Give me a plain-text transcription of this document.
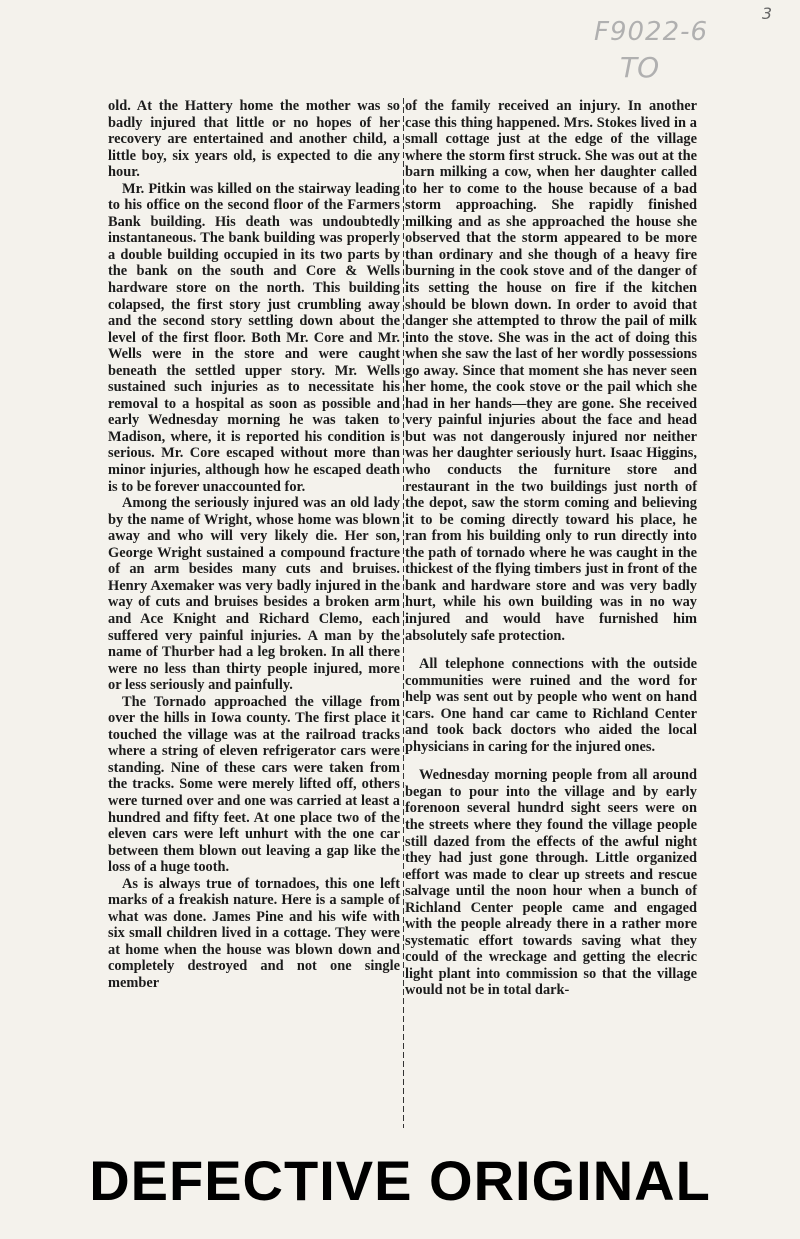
3
F9022-6
TO

old. At the Hattery home the mother was so badly injured that little or no hopes of her recovery are entertained and another child, a little boy, six years old, is expected to die any hour.

Mr. Pitkin was killed on the stairway leading to his office on the second floor of the Farmers Bank building. His death was undoubtedly instantaneous. The bank building was properly a double building occupied in its two parts by the bank on the south and Core & Wells hardware store on the north. This building colapsed, the first story just crumbling away and the second story settling down about the level of the first floor. Both Mr. Core and Mr. Wells were in the store and were caught beneath the settled upper story. Mr. Wells sustained such injuries as to necessitate his removal to a hospital as soon as possible and early Wednesday morning he was taken to Madison, where, it is reported his condition is serious. Mr. Core escaped without more than minor injuries, although how he escaped death is to be forever unaccounted for.

Among the seriously injured was an old lady by the name of Wright, whose home was blown away and who will very likely die. Her son, George Wright sustained a compound fracture of an arm besides many cuts and bruises. Henry Axemaker was very badly injured in the way of cuts and bruises besides a broken arm and Ace Knight and Richard Clemo, each suffered very painful injuries. A man by the name of Thurber had a leg broken. In all there were no less than thirty people injured, more or less seriously and painfully.

The Tornado approached the village from over the hills in Iowa county. The first place it touched the village was at the railroad tracks where a string of eleven refrigerator cars were standing. Nine of these cars were taken from the tracks. Some were merely lifted off, others were turned over and one was carried at least a hundred and fifty feet. At one place two of the eleven cars were left unhurt with the one car between them blown out leaving a gap like the loss of a huge tooth.

As is always true of tornadoes, this one left marks of a freakish nature. Here is a sample of what was done. James Pine and his wife with six small children lived in a cottage. They were at home when the house was blown down and completely destroyed and not one single member

of the family received an injury. In another case this thing happened. Mrs. Stokes lived in a small cottage just at the edge of the village where the storm first struck. She was out at the barn milking a cow, when her daughter called to her to come to the house because of a bad storm approaching. She rapidly finished milking and as she approached the house she observed that the storm appeared to be more than ordinary and she though of a heavy fire burning in the cook stove and of the danger of its setting the house on fire if the kitchen should be blown down. In order to avoid that danger she attempted to throw the pail of milk into the stove. She was in the act of doing this when she saw the last of her wordly possessions go away. Since that moment she has never seen her home, the cook stove or the pail which she had in her hands—they are gone. She received very painful injuries about the face and head but was not dangerously injured nor neither was her daughter seriously hurt. Isaac Higgins, who conducts the furniture store and restaurant in the two buildings just north of the depot, saw the storm coming and believing it to be coming directly toward his place, he ran from his building only to run directly into the path of tornado where he was caught in the thickest of the flying timbers just in front of the bank and hardware store and was very badly hurt, while his own building was in no way injured and would have furnished him absolutely safe protection.

All telephone connections with the outside communities were ruined and the word for help was sent out by people who went on hand cars. One hand car came to Richland Center and took back doctors who aided the local physicians in caring for the injured ones.

Wednesday morning people from all around began to pour into the village and by early forenoon several hundrd sight seers were on the streets where they found the village people still dazed from the effects of the awful night they had just gone through. Little organized effort was made to clear up streets and rescue salvage until the noon hour when a bunch of Richland Center people came and engaged with the people already there in a rather more systematic effort towards saving what they could of the wreckage and getting the elecric light plant into commission so that the village would not be in total dark-

DEFECTIVE ORIGINAL
